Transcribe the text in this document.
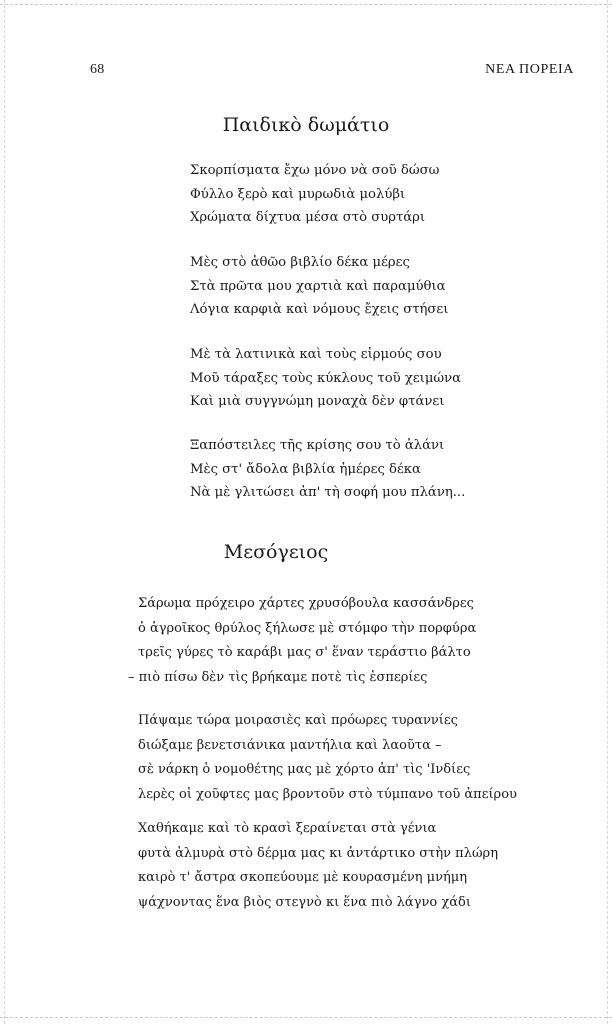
68	ΝΕΑ ΠΟΡΕΙΑ
Παιδικὸ δωμάτιο
Σκορπίσματα ἔχω μόνο νὰ σοῦ δώσω
Φύλλο ξερὸ καὶ μυρωδιὰ μολύβι
Χρώματα δίχτυα μέσα στὸ συρτάρι
Μὲς στὸ ἀθῶο βιβλίο δέκα μέρες
Στὰ πρῶτα μου χαρτιὰ καὶ παραμύθια
Λόγια καρφιὰ καὶ νόμους ἔχεις στήσει
Μὲ τὰ λατινικὰ καὶ τοὺς εἱρμούς σου
Μοῦ τάραξες τοὺς κύκλους τοῦ χειμώνα
Καὶ μιὰ συγγνώμη μοναχὰ δὲν φτάνει
Ξαπόστειλες τῆς κρίσης σου τὸ ἀλάνι
Μὲς στ' ἄδολα βιβλία ἡμέρες δέκα
Νὰ μὲ γλιτώσει ἀπ' τὴ σοφή μου πλάνη...
Μεσόγειος
Σάρωμα πρόχειρο χάρτες χρυσόβουλα κασσάνδρες
ὁ ἀγροῖκος θρύλος ξήλωσε μὲ στόμφο τὴν πορφύρα
τρεῖς γύρες τὸ καράβι μας σ' ἕναν τεράστιο βάλτο
– πιὸ πίσω δὲν τὶς βρήκαμε ποτὲ τὶς ἑσπερίες
Πάψαμε τώρα μοιρασιὲς καὶ πρόωρες τυραννίες
διώξαμε βενετσιάνικα μαντήλια καὶ λαοῦτα –
σὲ νάρκη ὁ νομοθέτης μας μὲ χόρτο ἀπ' τὶς 'Ινδίες
λερὲς οἱ χοῦφτες μας βροντοῦν στὸ τύμπανο τοῦ ἀπείρου
Χαθήκαμε καὶ τὸ κρασὶ ξεραίνεται στὰ γένια
φυτὰ ἁλμυρὰ στὸ δέρμα μας κι ἀντάρτικο στὴν πλώρη
καιρὸ τ' ἄστρα σκοπεύουμε μὲ κουρασμένη μνήμη
ψάχνοντας ἕνα βιὸς στεγνὸ κι ἕνα πιὸ λάγνο χάδι
